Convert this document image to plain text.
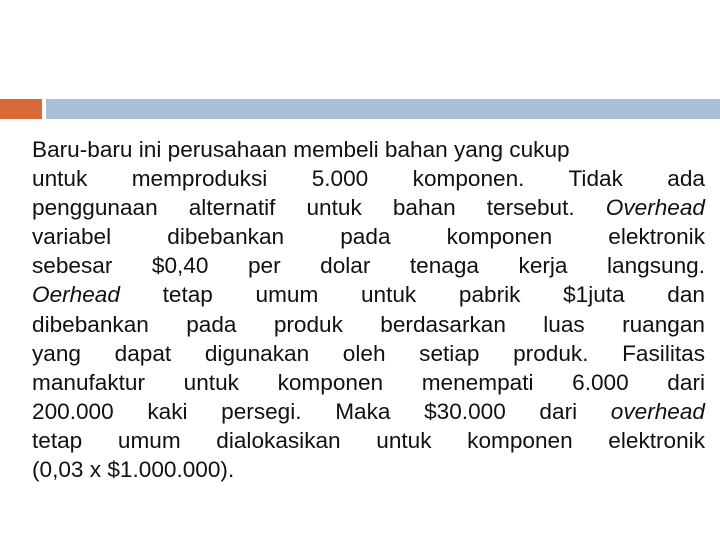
Baru-baru ini perusahaan membeli bahan yang cukup
untuk memproduksi 5.000 komponen. Tidak ada
penggunaan alternatif untuk bahan tersebut. Overhead
variabel dibebankan pada komponen elektronik
sebesar $0,40 per dolar tenaga kerja langsung.
Oerhead tetap umum untuk pabrik $1juta dan
dibebankan pada produk berdasarkan luas ruangan
yang dapat digunakan oleh setiap produk. Fasilitas
manufaktur untuk komponen menempati 6.000 dari
200.000 kaki persegi. Maka $30.000 dari overhead
tetap umum dialokasikan untuk komponen elektronik
(0,03 x $1.000.000).
